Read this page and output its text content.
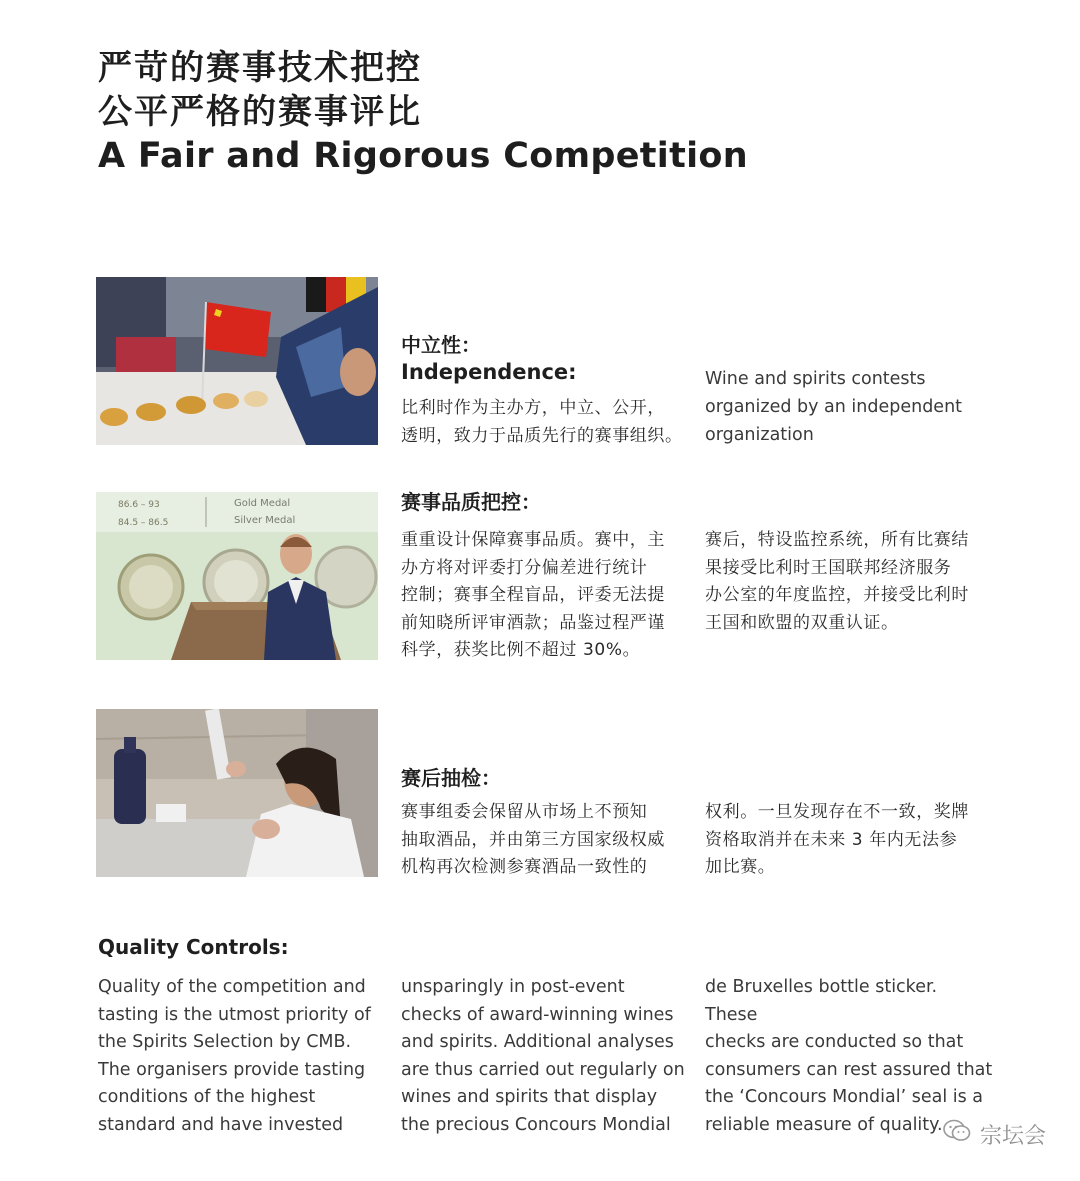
严苛的赛事技术把控
公平严格的赛事评比
A Fair and Rigorous Competition
中立性：
Independence:
比利时作为主办方，中立、公开，
透明，致力于品质先行的赛事组织。
Wine and spirits contests
organized by an independent
organization
86.6 – 93
84.5 – 86.5
Gold Medal
Silver Medal
赛事品质把控：
重重设计保障赛事品质。赛中，主
办方将对评委打分偏差进行统计
控制；赛事全程盲品，评委无法提
前知晓所评审酒款；品鉴过程严谨
科学，获奖比例不超过 30%。
赛后，特设监控系统，所有比赛结
果接受比利时王国联邦经济服务
办公室的年度监控，并接受比利时
王国和欧盟的双重认证。
赛后抽检：
赛事组委会保留从市场上不预知
抽取酒品，并由第三方国家级权威
机构再次检测参赛酒品一致性的
权利。一旦发现存在不一致，奖牌
资格取消并在未来 3 年内无法参
加比赛。
Quality Controls:
Quality of the competition and
tasting is the utmost priority of
the Spirits Selection by CMB.
The organisers provide tasting
conditions of the highest
standard and have invested
unsparingly in post-event
checks of award-winning wines
and spirits. Additional analyses
are thus carried out regularly on
wines and spirits that display
the precious Concours Mondial
de Bruxelles bottle sticker. These
checks are conducted so that
consumers can rest assured that
the ‘Concours Mondial’ seal is a
reliable measure of quality.	宗坛会
